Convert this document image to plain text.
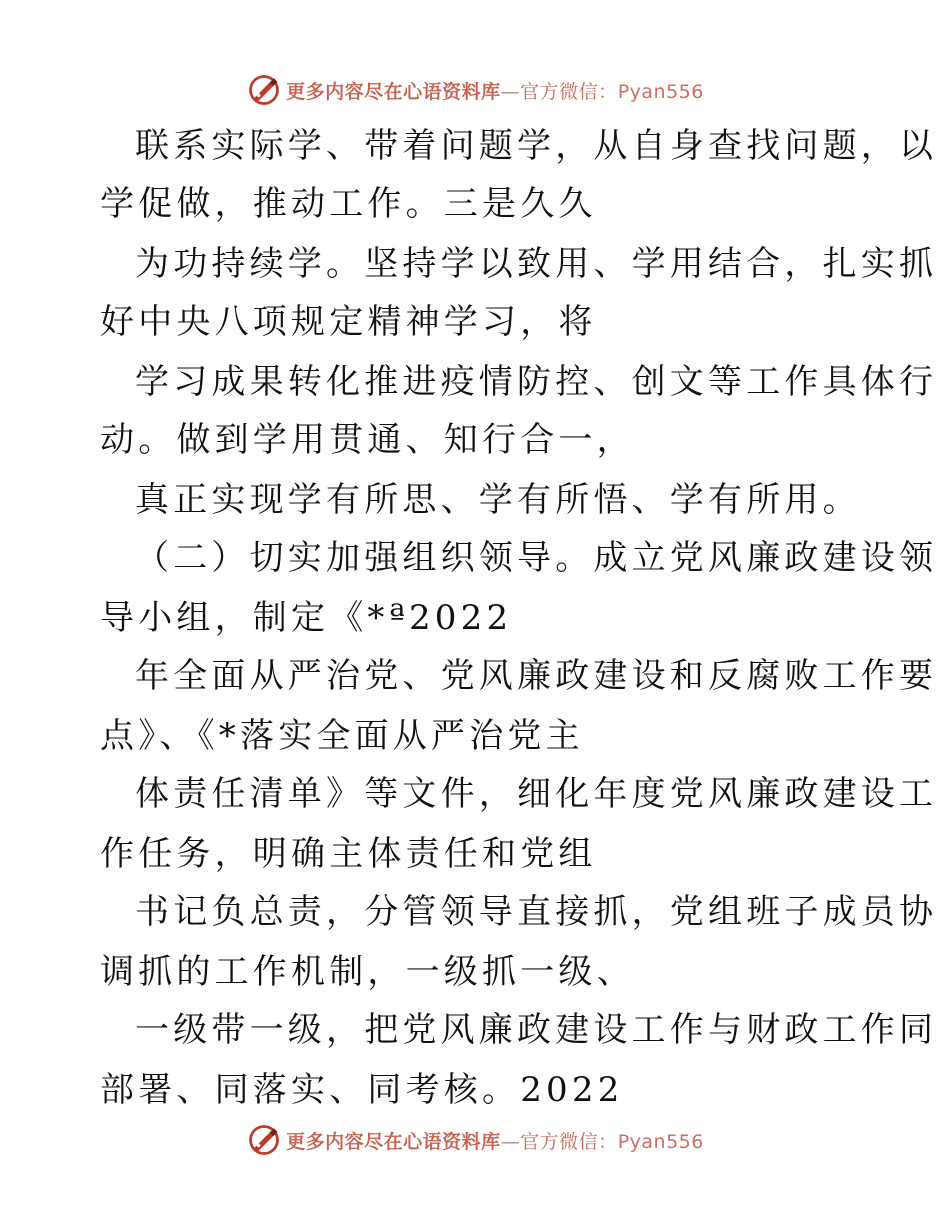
更多内容尽在心语资料库—官方微信：Pyan556
联系实际学、带着问题学，从自身查找问题，以
学促做，推动工作。三是久久
为功持续学。坚持学以致用、学用结合，扎实抓
好中央八项规定精神学习，将
学习成果转化推进疫情防控、创文等工作具体行
动。做到学用贯通、知行合一，
真正实现学有所思、学有所悟、学有所用。
（二）切实加强组织领导。成立党风廉政建设领
导小组，制定《*ª2022
年全面从严治党、党风廉政建设和反腐败工作要
点》、《*落实全面从严治党主
体责任清单》等文件，细化年度党风廉政建设工
作任务，明确主体责任和党组
书记负总责，分管领导直接抓，党组班子成员协
调抓的工作机制，一级抓一级、
一级带一级，把党风廉政建设工作与财政工作同
部署、同落实、同考核。2022
更多内容尽在心语资料库—官方微信：Pyan556
